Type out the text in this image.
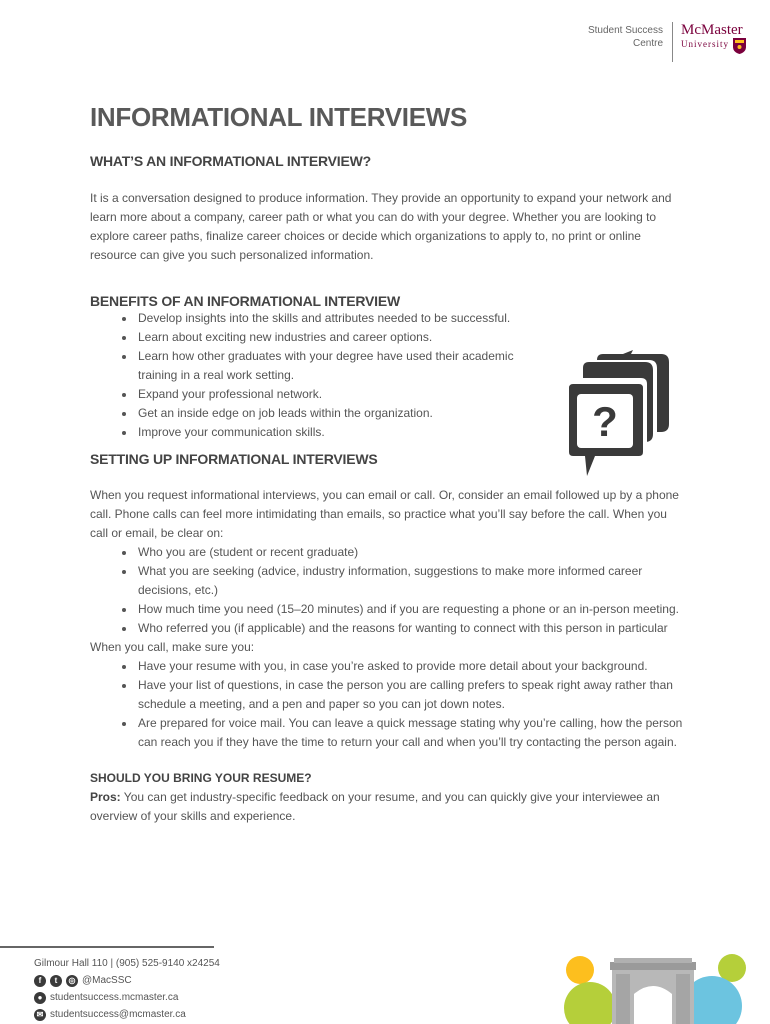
Student Success
Centre
McMaster
University
INFORMATIONAL INTERVIEWS
WHAT’S AN INFORMATIONAL INTERVIEW?

It is a conversation designed to produce information. They provide an opportunity to expand your network and learn more about a company, career path or what you can do with your degree. Whether you are looking to explore career paths, finalize career choices or decide which organizations to apply to, no print or online resource can give you such personalized information.

BENEFITS OF AN INFORMATIONAL INTERVIEW
• Develop insights into the skills and attributes needed to be successful.
• Learn about exciting new industries and career options.
• Learn how other graduates with your degree have used their academic training in a real work setting.
• Expand your professional network.
• Get an inside edge on job leads within the organization.
• Improve your communication skills.
SETTING UP INFORMATIONAL INTERVIEWS

When you request informational interviews, you can email or call. Or, consider an email followed up by a phone call. Phone calls can feel more intimidating than emails, so practice what you’ll say before the call. When you call or email, be clear on:

• Who you are (student or recent graduate)
• What you are seeking (advice, industry information, suggestions to make more informed career decisions, etc.)
• How much time you need (15–20 minutes) and if you are requesting a phone or an in-person meeting.
• Who referred you (if applicable) and the reasons for wanting to connect with this person in particular

When you call, make sure you:

• Have your resume with you, in case you’re asked to provide more detail about your background.
• Have your list of questions, in case the person you are calling prefers to speak right away rather than schedule a meeting, and a pen and paper so you can jot down notes.
• Are prepared for voice mail. You can leave a quick message stating why you’re calling, how the person can reach you if they have the time to return your call and when you’ll try contacting the person again.
SHOULD YOU BRING YOUR RESUME?

Pros: You can get industry-specific feedback on your resume, and you can quickly give your interviewee an overview of your skills and experience.

?
Gilmour Hall 110 | (905) 525-9140 x24254
f	t	◎ @MacSSC
● studentsuccess.mcmaster.ca
✉ studentsuccess@mcmaster.ca
